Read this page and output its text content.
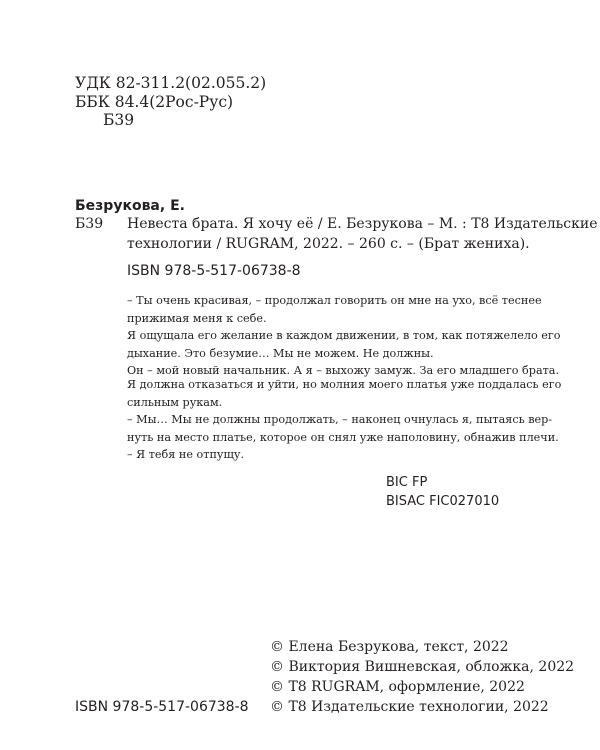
УДК 82-311.2(02.055.2)
ББК 84.4(2Рос-Рус)
Б39
Безрукова, Е.
Б39 Невеста брата. Я хочу её / Е. Безрукова – М. : Т8 Издательские
технологии / RUGRAM, 2022. – 260 с. – (Брат жениха).
ISBN 978-5-517-06738-8

– Ты очень красивая, – продолжал говорить он мне на ухо, всё теснее

прижимая меня к себе.

Я ощущала его желание в каждом движении, в том, как потяжелело его

дыхание. Это безумие… Мы не можем. Не должны.

Он – мой новый начальник. А я – выхожу замуж. За его младшего брата.

Я должна отказаться и уйти, но молния моего платья уже поддалась его

сильным рукам.

– Мы… Мы не должны продолжать, – наконец очнулась я, пытаясь вер-

нуть на место платье, которое он снял уже наполовину, обнажив плечи.

– Я тебя не отпущу.

BIC FP
BISAC FIC027010
© Елена Безрукова, текст, 2022
© Виктория Вишневская, обложка, 2022
© Т8 RUGRAM, оформление, 2022
© Т8 Издательские технологии, 2022
ISBN 978-5-517-06738-8
